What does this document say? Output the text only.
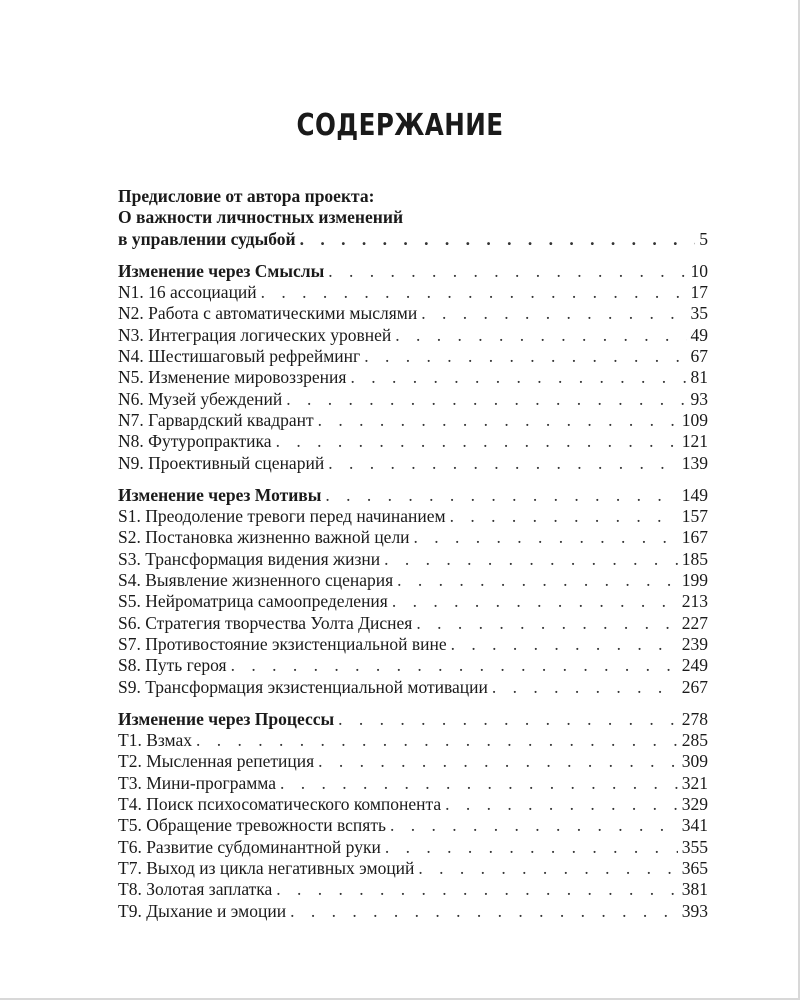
СОДЕРЖАНИЕ
Предисловие от автора проекта:
О важности личностных изменений
в управлении судыбой . . .	5
Изменение через Смыслы . . .	10
N1. 16 ассоциаций . . .	17
N2. Работа с автоматическими мыслями . . .	35
N3. Интеграция логических уровней . . .	49
N4. Шестишаговый рефрейминг . . .	67
N5. Изменение мировоззрения . . .	81
N6. Музей убеждений . . .	93
N7. Гарвардский квадрант . . .	109
N8. Футуропрактика . . .	121
N9. Проективный сценарий . . .	139
Изменение через Мотивы . . .	149
S1. Преодоление тревоги перед начинанием . . .	157
S2. Постановка жизненно важной цели . . .	167
S3. Трансформация видения жизни . . .	185
S4. Выявление жизненного сценария . . .	199
S5. Нейроматрица самоопределения . . .	213
S6. Стратегия творчества Уолта Диснея . . .	227
S7. Противостояние экзистенциальной вине . . .	239
S8. Путь героя . . .	249
S9. Трансформация экзистенциальной мотивации . . .	267
Изменение через Процессы . . .	278
T1. Взмах . . .	285
T2. Мысленная репетиция . . .	309
T3. Мини-программа . . .	321
T4. Поиск психосоматического компонента . . .	329
T5. Обращение тревожности вспять . . .	341
T6. Развитие субдоминантной руки . . .	355
T7. Выход из цикла негативных эмоций . . .	365
T8. Золотая заплатка . . .	381
T9. Дыхание и эмоции . . .	393
